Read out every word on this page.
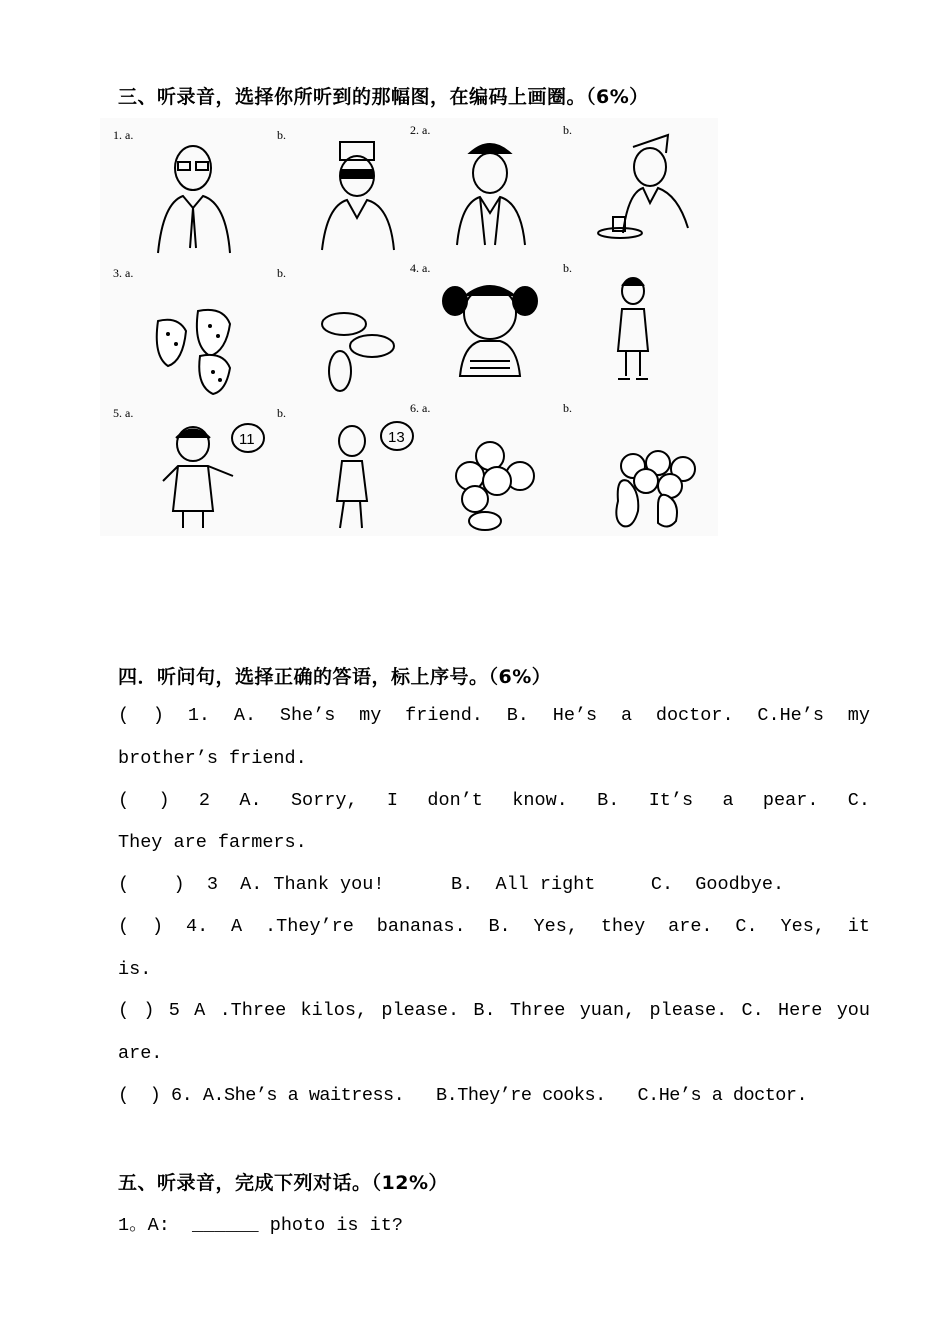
三、听录音，选择你所听到的那幅图，在编码上画圈。（6%）
1. a.	b.	2. a.	b.
3. a.	b.	4. a.	b.
5. a.
11
b.
13
6. a.	b.
四．听问句，选择正确的答语，标上序号。（6%）
( ) 1. A. She’s my friend. B. He’s a doctor. C.He’s my
brother’s friend.
( ) 2 A. Sorry, I don’t know. B. It’s a pear. C.
They are farmers.
(    )  3  A. Thank you!      B.  All right     C.  Goodbye.
( ) 4. A .They’re bananas. B. Yes, they are. C. Yes, it
is.
( ) 5 A .Three kilos, please. B. Three yuan, please. C. Here you
are.
(  ) 6. A.She’s a waitress.   B.They’re cooks.   C.He’s a doctor.
五、听录音，完成下列对话。（12%）
1。A:  ______ photo is it?
